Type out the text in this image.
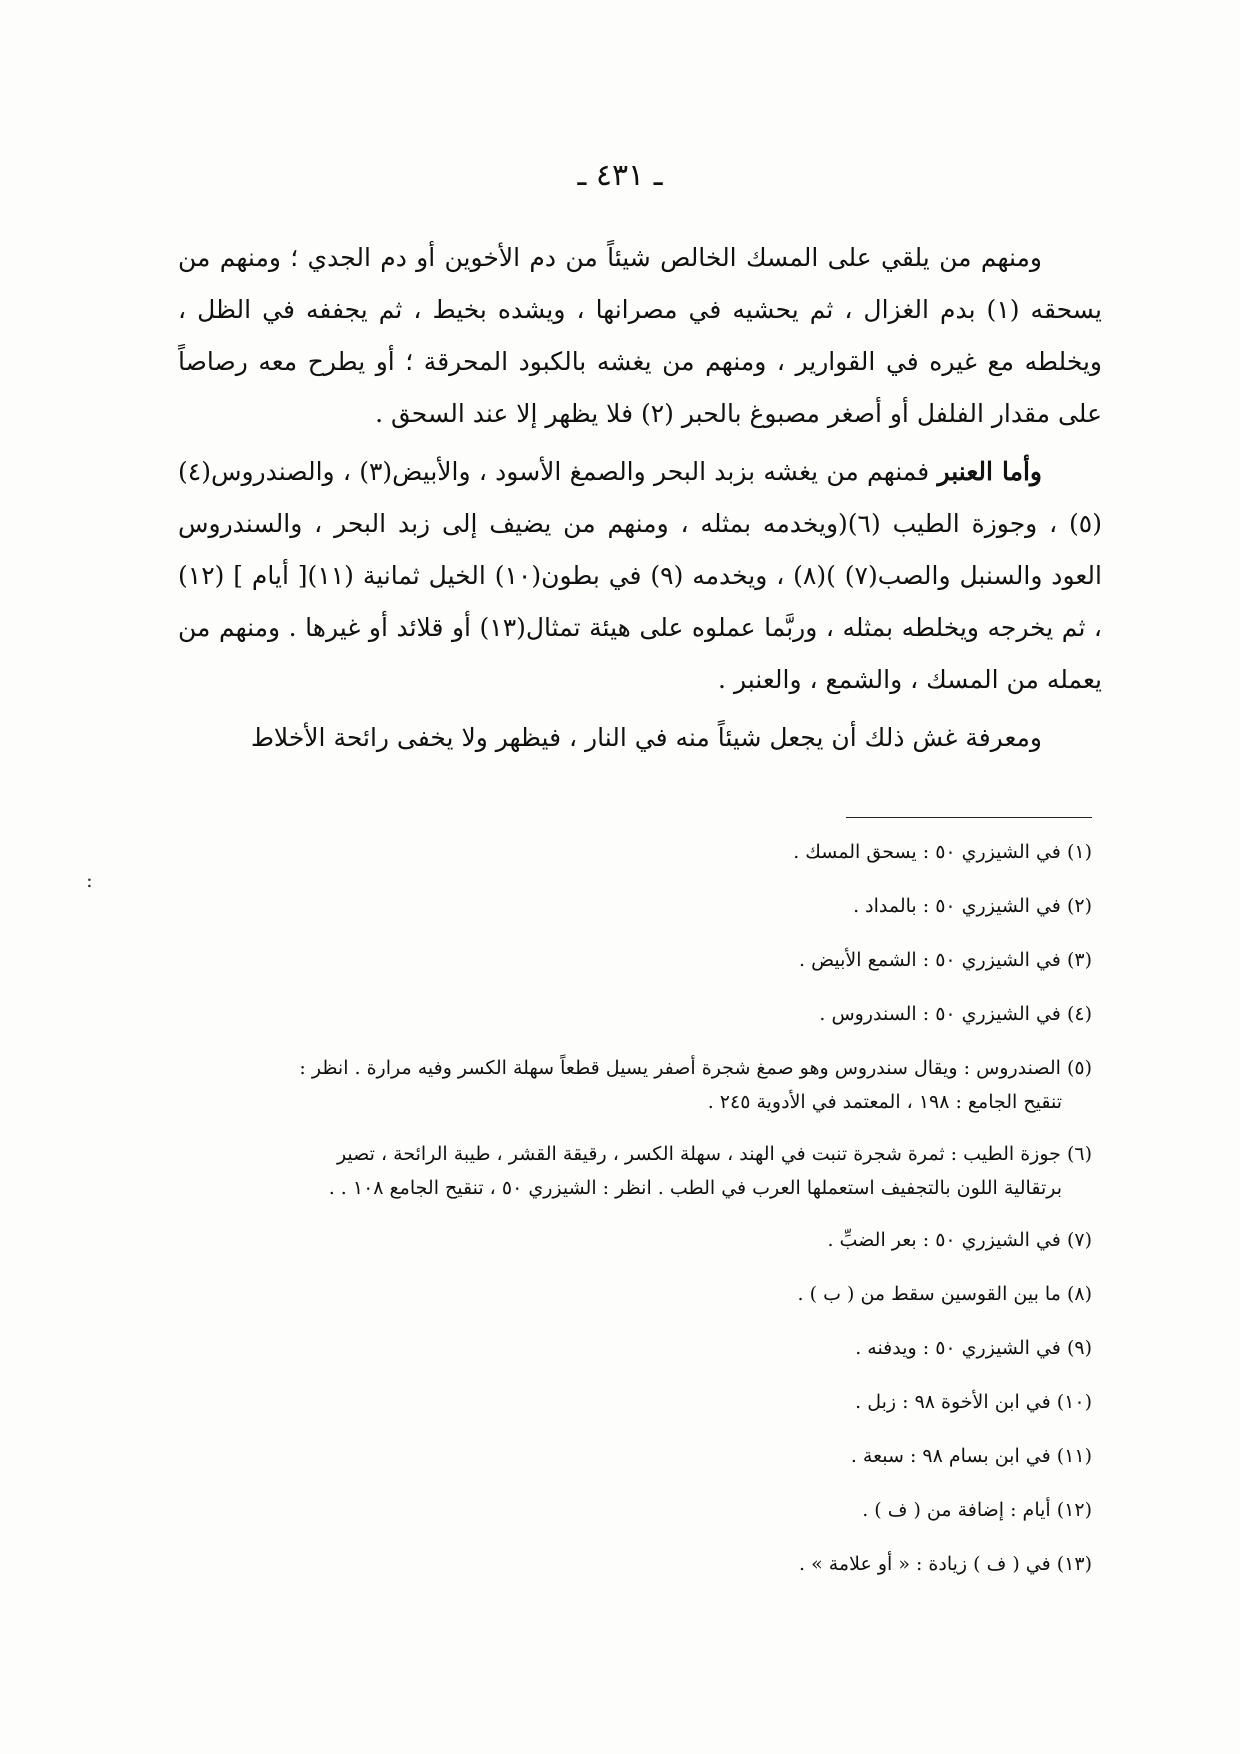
ـ ٤٣١ ـ

ومنهم من يلقي على المسك الخالص شيئاً من دم الأخوين أو دم الجدي ؛ ومنهم من يسحقه (١) بدم الغزال ، ثم يحشيه في مصرانها ، ويشده بخيط ، ثم يجففه في الظل ، ويخلطه مع غيره في القوارير ، ومنهم من يغشه بالكبود المحرقة ؛ أو يطرح معه رصاصاً على مقدار الفلفل أو أصغر مصبوغ بالحبر (٢) فلا يظهر إلا عند السحق .

وأما العنبر فمنهم من يغشه بزبد البحر والصمغ الأسود ، والأبيض(٣) ، والصندروس(٤) (٥) ، وجوزة الطيب (٦)(ويخدمه بمثله ، ومنهم من يضيف إلى زبد البحر ، والسندروس العود والسنبل والصب(٧) )(٨) ، ويخدمه (٩) في بطون(١٠) الخيل ثمانية (١١)[ أيام ] (١٢) ، ثم يخرجه ويخلطه بمثله ، وربَّما عملوه على هيئة تمثال(١٣) أو قلائد أو غيرها . ومنهم من يعمله من المسك ، والشمع ، والعنبر .

ومعرفة غش ذلك أن يجعل شيئاً منه في النار ، فيظهر ولا يخفى رائحة الأخلاط

:
(١) في الشيزري ٥٠ : يسحق المسك .
(٢) في الشيزري ٥٠ : بالمداد .
(٣) في الشيزري ٥٠ : الشمع الأبيض .
(٤) في الشيزري ٥٠ : السندروس .
(٥) الصندروس : ويقال سندروس وهو صمغ شجرة أصفر يسيل قطعاً سهلة الكسر وفيه مرارة . انظر :
تنقيح الجامع : ١٩٨ ، المعتمد في الأدوية ٢٤٥ .
(٦) جوزة الطيب : ثمرة شجرة تنبت في الهند ، سهلة الكسر ، رقيقة القشر ، طيبة الرائحة ، تصير
برتقالية اللون بالتجفيف استعملها العرب في الطب . انظر : الشيزري ٥٠ ، تنقيح الجامع ١٠٨ . .
(٧) في الشيزري ٥٠ : بعر الضبِّ .
(٨) ما بين القوسين سقط من ( ب ) .
(٩) في الشيزري ٥٠ : ويدفنه .
(١٠) في ابن الأخوة ٩٨ : زبل .
(١١) في ابن بسام ٩٨ : سبعة .
(١٢) أيام : إضافة من ( ف ) .
(١٣) في ( ف ) زيادة : « أو علامة » .
